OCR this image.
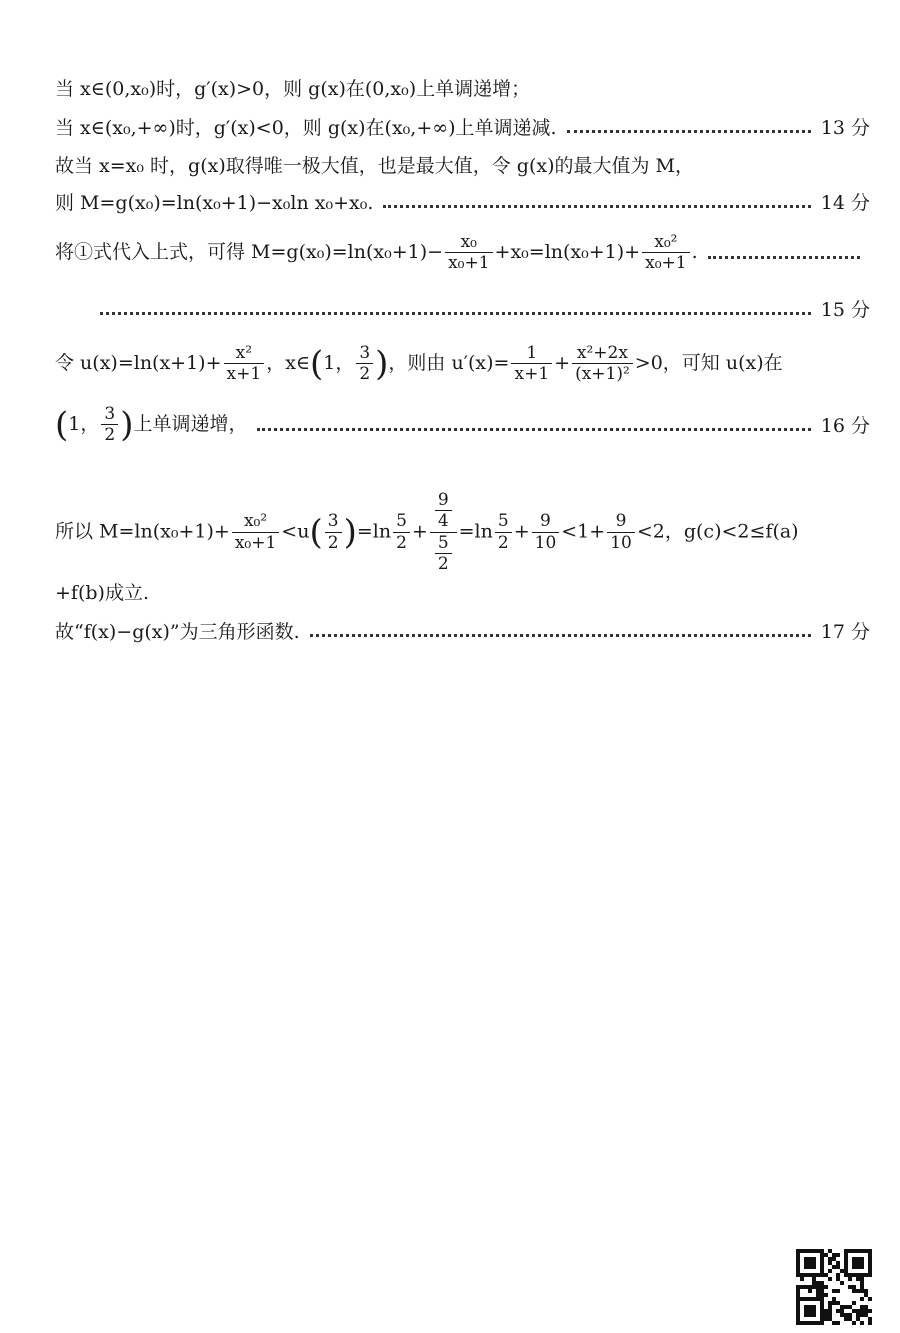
当 x∈(0,x₀)时，g′(x)>0，则 g(x)在(0,x₀)上单调递增；
当 x∈(x₀,+∞)时，g′(x)<0，则 g(x)在(x₀,+∞)上单调递减.	13 分
故当 x=x₀ 时，g(x)取得唯一极大值，也是最大值，令 g(x)的最大值为 M，
则 M=g(x₀)=ln(x₀+1)−x₀ln x₀+x₀.	14 分
将①式代入上式，可得 $M=g(x_0)=\ln(x_0+1)- \frac{\text{x₀}}{\text{x₀+1}} +x_0=\ln(x_0+1)+ \frac{\text{x₀²}}{\text{x₀+1}}$ .
15 分
令 $u(x)=\ln(x+1)+ \frac{\text{x²}}{x+1}$ ，x∈(1， $\frac{3}{2}$ )，则由 $u'(x)= \frac{1}{x+1} + \frac{\text{x²+2x}}{\text{(x+1)²}} >0$，可知 u(x)在
(1， $\frac{3}{2}$ )上单调递增，	16 分
所以 $M=\ln(x_0+1)+ \frac{\text{x₀²}}{\text{x₀+1}} <u( \frac{3}{2} )=\ln \frac{5}{2} + \frac{\frac{9}{4}}{\frac{5}{2}} =\ln \frac{5}{2} + \frac{9}{10} <1+ \frac{9}{10} <2$，g(c)<2≤f(a)
+f(b)成立.
故“f(x)−g(x)”为三角形函数.	17 分
